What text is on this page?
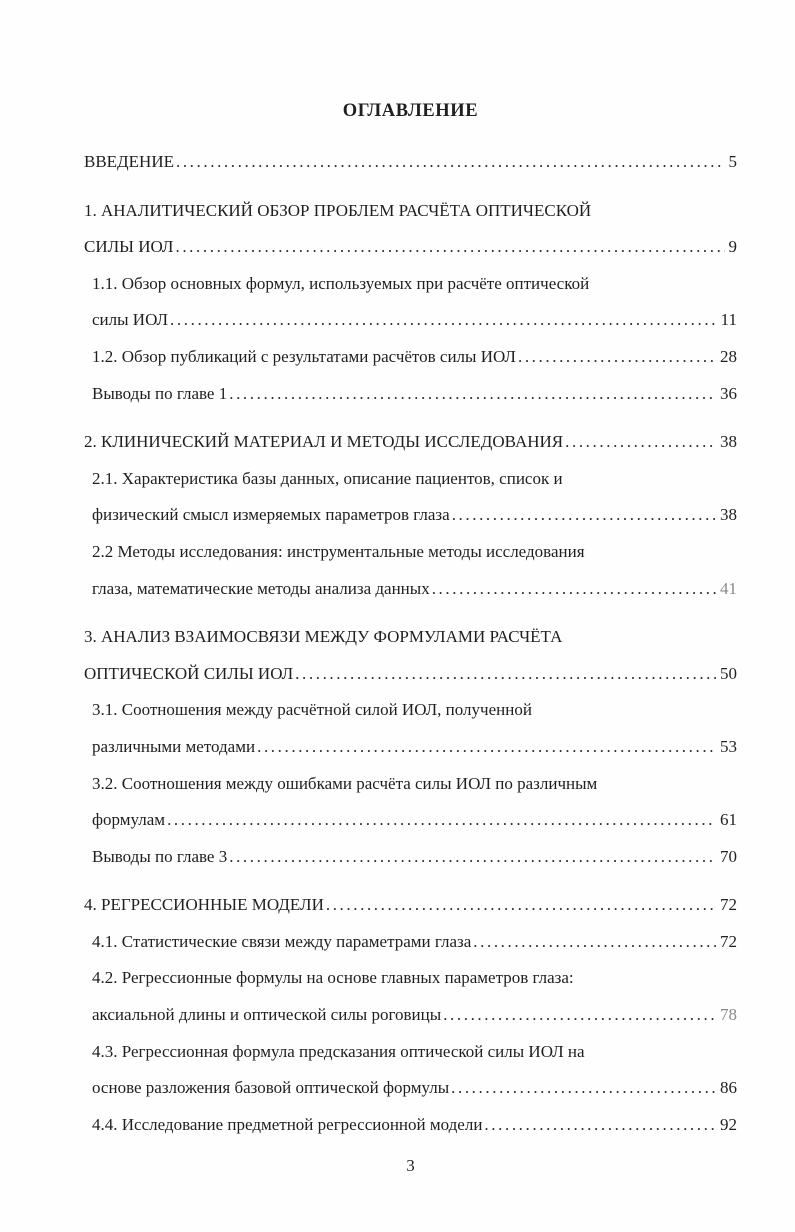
ОГЛАВЛЕНИЕ
ВВЕДЕНИЕ .....	5
1. АНАЛИТИЧЕСКИЙ ОБЗОР ПРОБЛЕМ РАСЧЁТА ОПТИЧЕСКОЙ
СИЛЫ ИОЛ .....	9
1.1. Обзор основных формул, используемых при расчёте оптической
силы ИОЛ .....	11
1.2. Обзор публикаций с результатами расчётов силы ИОЛ .....	28
Выводы по главе 1 .....	36
2. КЛИНИЧЕСКИЙ МАТЕРИАЛ И МЕТОДЫ ИССЛЕДОВАНИЯ .....	38
2.1. Характеристика базы данных, описание пациентов, список и
физический смысл измеряемых параметров глаза .....	38
2.2 Методы исследования: инструментальные методы исследования
глаза, математические методы анализа данных .....	41
3. АНАЛИЗ ВЗАИМОСВЯЗИ МЕЖДУ ФОРМУЛАМИ РАСЧЁТА
ОПТИЧЕСКОЙ СИЛЫ ИОЛ .....	50
3.1. Соотношения между расчётной силой ИОЛ, полученной
различными методами .....	53
3.2. Соотношения между ошибками расчёта силы ИОЛ по различным
формулам .....	61
Выводы по главе 3 .....	70
4. РЕГРЕССИОННЫЕ МОДЕЛИ .....	72
4.1. Статистические связи между параметрами глаза .....	72
4.2. Регрессионные формулы на основе главных параметров глаза:
аксиальной длины и оптической силы роговицы .....	78
4.3. Регрессионная формула предсказания оптической силы ИОЛ на
основе разложения базовой оптической формулы .....	86
4.4. Исследование предметной регрессионной модели .....	92
3
